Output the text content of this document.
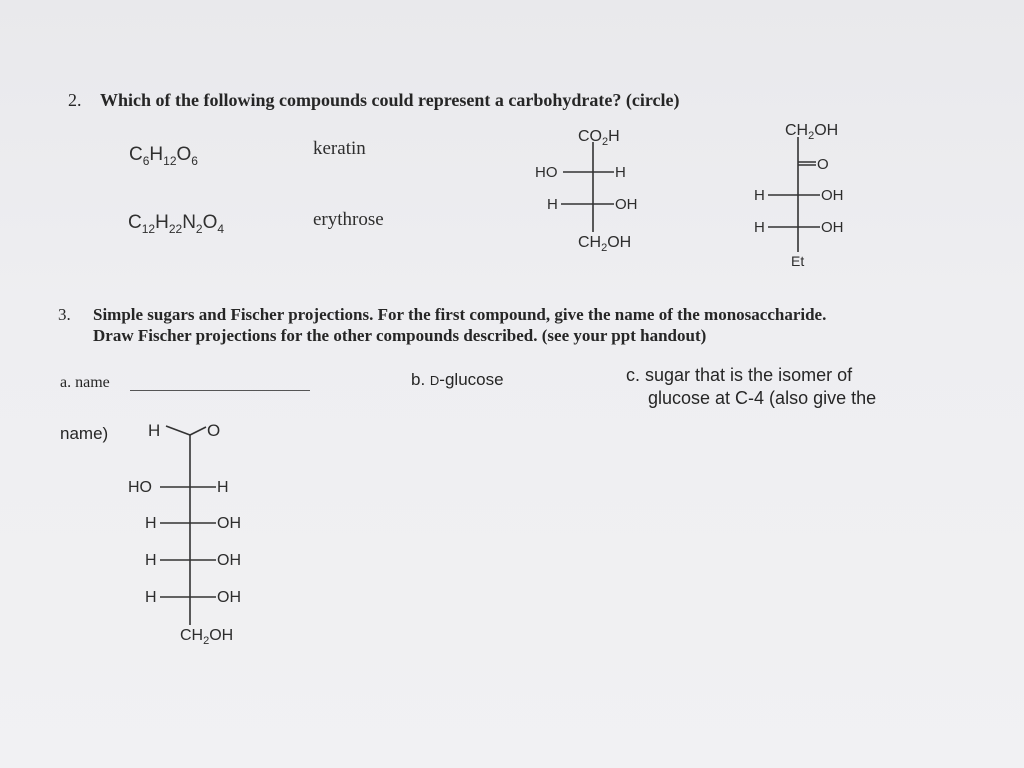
2. Which of the following compounds could represent a carbohydrate? (circle)
$C_6H_{12}O_6$
keratin
$C_{12}H_{22}N_2O_4$	erythrose
3. Simple sugars and Fischer projections. For the first compound, give the name of the monosaccharide.
Draw Fischer projections for the other compounds described. (see your ppt handout)
a. name	b. D-glucose	c. sugar that is the isomer of
glucose at C-4 (also give the
name)
$CO_2H$
HO	H
H	OH
$CH_2OH$
$CH_2OH$
O
H	OH
H	OH
Et
H	O
HO	H
H	OH
H	OH
H	OH
$CH_2OH$
